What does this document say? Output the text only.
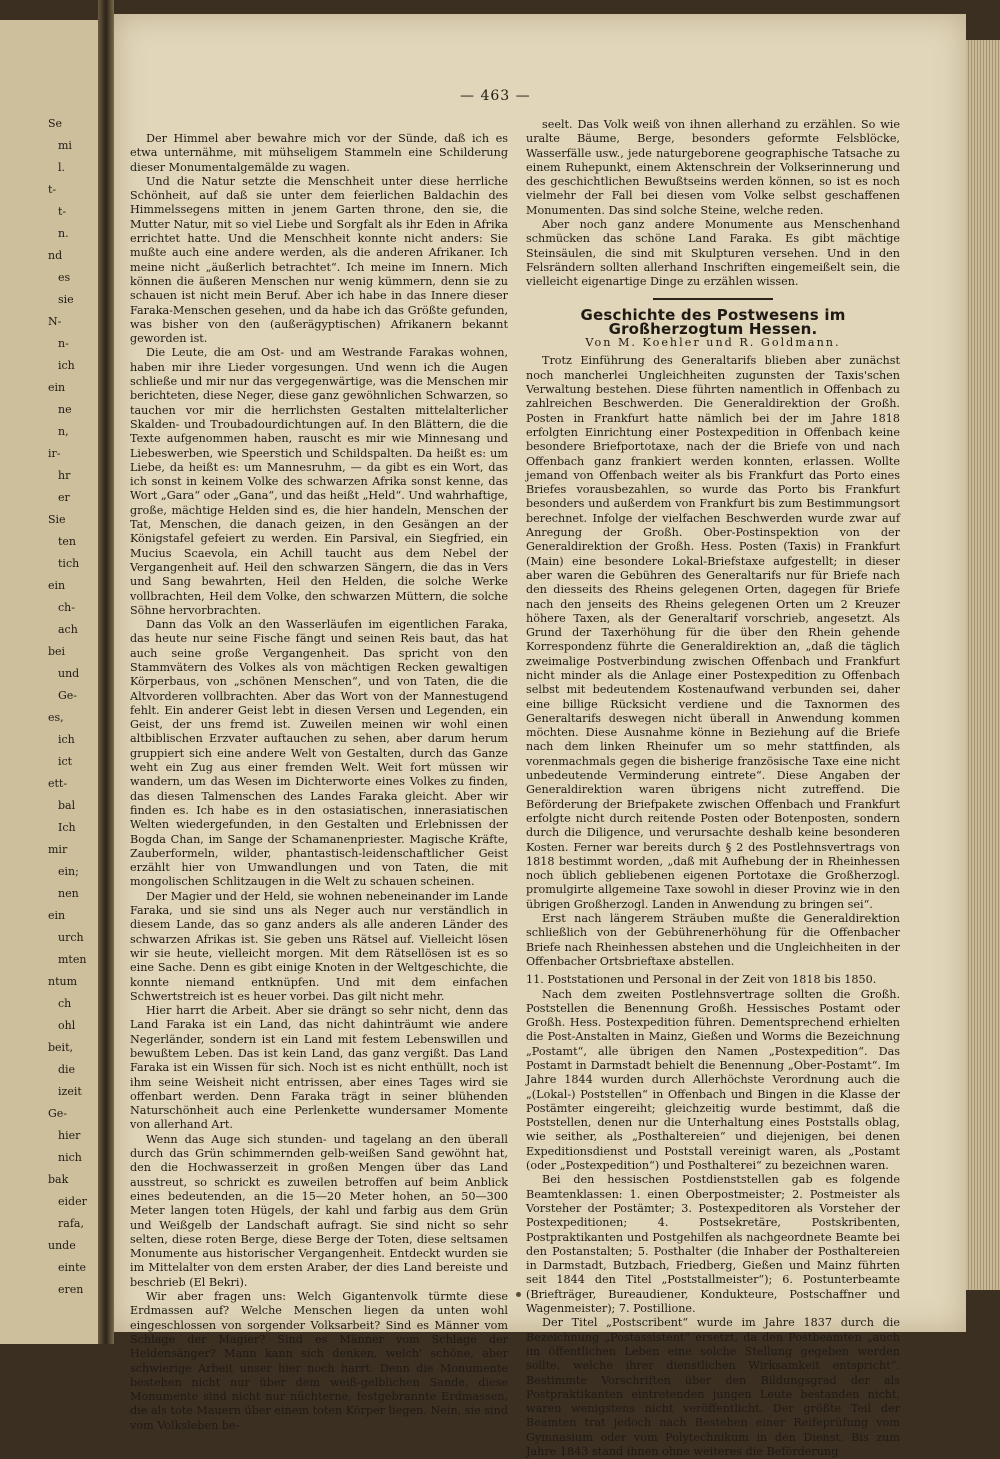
Se

mi

l.

t-

t-

n.

nd

es

sie

N-

n-

ich

ein

ne

n,

ir-

hr

er

Sie

ten

tich

ein

ch-

ach

bei

und

Ge-

es,

ich

ict

ett-

bal

Ich

mir

ein;

nen

ein

urch

mten

ntum

ch

ohl

beit,

die

izeit

Ge-

hier

nich

bak

eider

rafa,

unde

einte

eren

— 463 —

Der Himmel aber bewahre mich vor der Sünde, daß ich es etwa unternähme, mit mühseligem Stammeln eine Schilderung dieser Monumentalgemälde zu wagen.

Und die Natur setzte die Menschheit unter diese herrliche Schönheit, auf daß sie unter dem feierlichen Baldachin des Himmelssegens mitten in jenem Garten throne, den sie, die Mutter Natur, mit so viel Liebe und Sorgfalt als ihr Eden in Afrika errichtet hatte. Und die Menschheit konnte nicht anders: Sie mußte auch eine andere werden, als die anderen Afrikaner. Ich meine nicht „äußerlich betrachtet“. Ich meine im Innern. Mich können die äußeren Menschen nur wenig kümmern, denn sie zu schauen ist nicht mein Beruf. Aber ich habe in das Innere dieser Faraka-Menschen gesehen, und da habe ich das Größte gefunden, was bisher von den (außerägyptischen) Afrikanern bekannt geworden ist.

Die Leute, die am Ost- und am Westrande Farakas wohnen, haben mir ihre Lieder vorgesungen. Und wenn ich die Augen schließe und mir nur das vergegenwärtige, was die Menschen mir berichteten, diese Neger, diese ganz gewöhnlichen Schwarzen, so tauchen vor mir die herrlichsten Gestalten mittelalterlicher Skalden- und Troubadourdichtungen auf. In den Blättern, die die Texte aufgenommen haben, rauscht es mir wie Minnesang und Liebeswerben, wie Speerstich und Schildspalten. Da heißt es: um Liebe, da heißt es: um Mannesruhm, — da gibt es ein Wort, das ich sonst in keinem Volke des schwarzen Afrika sonst kenne, das Wort „Gara“ oder „Gana“, und das heißt „Held“. Und wahrhaftige, große, mächtige Helden sind es, die hier handeln, Menschen der Tat, Menschen, die danach geizen, in den Gesängen an der Königstafel gefeiert zu werden. Ein Parsival, ein Siegfried, ein Mucius Scaevola, ein Achill taucht aus dem Nebel der Vergangenheit auf. Heil den schwarzen Sängern, die das in Vers und Sang bewahrten, Heil den Helden, die solche Werke vollbrachten, Heil dem Volke, den schwarzen Müttern, die solche Söhne hervorbrachten.

Dann das Volk an den Wasserläufen im eigentlichen Faraka, das heute nur seine Fische fängt und seinen Reis baut, das hat auch seine große Vergangenheit. Das spricht von den Stammvätern des Volkes als von mächtigen Recken gewaltigen Körperbaus, von „schönen Menschen“, und von Taten, die die Altvorderen vollbrachten. Aber das Wort von der Mannestugend fehlt. Ein anderer Geist lebt in diesen Versen und Legenden, ein Geist, der uns fremd ist. Zuweilen meinen wir wohl einen altbiblischen Erzvater auftauchen zu sehen, aber darum herum gruppiert sich eine andere Welt von Gestalten, durch das Ganze weht ein Zug aus einer fremden Welt. Weit fort müssen wir wandern, um das Wesen im Dichterworte eines Volkes zu finden, das diesen Talmenschen des Landes Faraka gleicht. Aber wir finden es. Ich habe es in den ostasiatischen, innerasiatischen Welten wiedergefunden, in den Gestalten und Erlebnissen der Bogda Chan, im Sange der Schamanenpriester. Magische Kräfte, Zauberformeln, wilder, phantastisch-leidenschaftlicher Geist erzählt hier von Umwandlungen und von Taten, die mit mongolischen Schlitzaugen in die Welt zu schauen scheinen.

Der Magier und der Held, sie wohnen nebeneinander im Lande Faraka, und sie sind uns als Neger auch nur verständlich in diesem Lande, das so ganz anders als alle anderen Länder des schwarzen Afrikas ist. Sie geben uns Rätsel auf. Vielleicht lösen wir sie heute, vielleicht morgen. Mit dem Rätsellösen ist es so eine Sache. Denn es gibt einige Knoten in der Weltgeschichte, die konnte niemand entknüpfen. Und mit dem einfachen Schwertstreich ist es heuer vorbei. Das gilt nicht mehr.

Hier harrt die Arbeit. Aber sie drängt so sehr nicht, denn das Land Faraka ist ein Land, das nicht dahinträumt wie andere Negerländer, sondern ist ein Land mit festem Lebenswillen und bewußtem Leben. Das ist kein Land, das ganz vergißt. Das Land Faraka ist ein Wissen für sich. Noch ist es nicht enthüllt, noch ist ihm seine Weisheit nicht entrissen, aber eines Tages wird sie offenbart werden. Denn Faraka trägt in seiner blühenden Naturschönheit auch eine Perlenkette wundersamer Momente von allerhand Art.

Wenn das Auge sich stunden- und tagelang an den überall durch das Grün schimmernden gelb-weißen Sand gewöhnt hat, den die Hochwasserzeit in großen Mengen über das Land ausstreut, so schrickt es zuweilen betroffen auf beim Anblick eines bedeutenden, an die 15—20 Meter hohen, an 50—300 Meter langen toten Hügels, der kahl und farbig aus dem Grün und Weißgelb der Landschaft aufragt. Sie sind nicht so sehr selten, diese roten Berge, diese Berge der Toten, diese seltsamen Monumente aus historischer Vergangenheit. Entdeckt wurden sie im Mittelalter von dem ersten Araber, der dies Land bereiste und beschrieb (El Bekri).

Wir aber fragen uns: Welch Gigantenvolk türmte diese Erdmassen auf? Welche Menschen liegen da unten wohl eingeschlossen von sorgender Volksarbeit? Sind es Männer vom Schlage der Magier? Sind es Männer vom Schlage der Heldensänger? Mann kann sich denken, welch' schöne, aber schwierige Arbeit unser hier noch harrt. Denn die Monumente bestehen nicht nur über dem weiß-gelblichen Sande, diese Monumente sind nicht nur nüchterne, festgebrannte Erdmassen, die als tote Mauern über einem toten Körper liegen. Nein, sie sind vom Volksleben be-

seelt. Das Volk weiß von ihnen allerhand zu erzählen. So wie uralte Bäume, Berge, besonders geformte Felsblöcke, Wasserfälle usw., jede naturgeborene geographische Tatsache zu einem Ruhepunkt, einem Aktenschrein der Volkserinnerung und des geschichtlichen Bewußtseins werden können, so ist es noch vielmehr der Fall bei diesen vom Volke selbst geschaffenen Monumenten. Das sind solche Steine, welche reden.

Aber noch ganz andere Monumente aus Menschenhand schmücken das schöne Land Faraka. Es gibt mächtige Steinsäulen, die sind mit Skulpturen versehen. Und in den Felsrändern sollten allerhand Inschriften eingemeißelt sein, die vielleicht eigenartige Dinge zu erzählen wissen.

Geschichte des Postwesens im Großherzogtum Hessen.

Von M. Koehler und R. Goldmann.

Trotz Einführung des Generaltarifs blieben aber zunächst noch mancherlei Ungleichheiten zugunsten der Taxis'schen Verwaltung bestehen. Diese führten namentlich in Offenbach zu zahlreichen Beschwerden. Die Generaldirektion der Großh. Posten in Frankfurt hatte nämlich bei der im Jahre 1818 erfolgten Einrichtung einer Postexpedition in Offenbach keine besondere Briefportotaxe, nach der die Briefe von und nach Offenbach ganz frankiert werden konnten, erlassen. Wollte jemand von Offenbach weiter als bis Frankfurt das Porto eines Briefes vorausbezahlen, so wurde das Porto bis Frankfurt besonders und außerdem von Frankfurt bis zum Bestimmungsort berechnet. Infolge der vielfachen Beschwerden wurde zwar auf Anregung der Großh. Ober-Postinspektion von der Generaldirektion der Großh. Hess. Posten (Taxis) in Frankfurt (Main) eine besondere Lokal-Briefstaxe aufgestellt; in dieser aber waren die Gebühren des Generaltarifs nur für Briefe nach den diesseits des Rheins gelegenen Orten, dagegen für Briefe nach den jenseits des Rheins gelegenen Orten um 2 Kreuzer höhere Taxen, als der Generaltarif vorschrieb, angesetzt. Als Grund der Taxerhöhung für die über den Rhein gehende Korrespondenz führte die Generaldirektion an, „daß die täglich zweimalige Postverbindung zwischen Offenbach und Frankfurt nicht minder als die Anlage einer Postexpedition zu Offenbach selbst mit bedeutendem Kostenaufwand verbunden sei, daher eine billige Rücksicht verdiene und die Taxnormen des Generaltarifs deswegen nicht überall in Anwendung kommen möchten. Diese Ausnahme könne in Beziehung auf die Briefe nach dem linken Rheinufer um so mehr stattfinden, als vorenmachmals gegen die bisherige französische Taxe eine nicht unbedeutende Verminderung eintrete“. Diese Angaben der Generaldirektion waren übrigens nicht zutreffend. Die Beförderung der Briefpakete zwischen Offenbach und Frankfurt erfolgte nicht durch reitende Posten oder Botenposten, sondern durch die Diligence, und verursachte deshalb keine besonderen Kosten. Ferner war bereits durch § 2 des Postlehnsvertrags von 1818 bestimmt worden, „daß mit Aufhebung der in Rheinhessen noch üblich gebliebenen eigenen Portotaxe die Großherzogl. promulgirte allgemeine Taxe sowohl in dieser Provinz wie in den übrigen Großherzogl. Landen in Anwendung zu bringen sei“.

Erst nach längerem Sträuben mußte die Generaldirektion schließlich von der Gebührenerhöhung für die Offenbacher Briefe nach Rheinhessen abstehen und die Ungleichheiten in der Offenbacher Ortsbrieftaxe abstellen.

11. Poststationen und Personal in der Zeit von 1818 bis 1850.

Nach dem zweiten Postlehnsvertrage sollten die Großh. Poststellen die Benennung Großh. Hessisches Postamt oder Großh. Hess. Postexpedition führen. Dementsprechend erhielten die Post-Anstalten in Mainz, Gießen und Worms die Bezeichnung „Postamt“, alle übrigen den Namen „Postexpedition“. Das Postamt in Darmstadt behielt die Benennung „Ober-Postamt“. Im Jahre 1844 wurden durch Allerhöchste Verordnung auch die „(Lokal-) Poststellen“ in Offenbach und Bingen in die Klasse der Postämter eingereiht; gleichzeitig wurde bestimmt, daß die Poststellen, denen nur die Unterhaltung eines Poststalls oblag, wie seither, als „Posthaltereien“ und diejenigen, bei denen Expeditionsdienst und Poststall vereinigt waren, als „Postamt (oder „Postexpedition“) und Posthalterei“ zu bezeichnen waren.

Bei den hessischen Postdienststellen gab es folgende Beamtenklassen: 1. einen Oberpostmeister; 2. Postmeister als Vorsteher der Postämter; 3. Postexpeditoren als Vorsteher der Postexpeditionen; 4. Postsekretäre, Postskribenten, Postpraktikanten und Postgehilfen als nachgeordnete Beamte bei den Postanstalten; 5. Posthalter (die Inhaber der Posthaltereien in Darmstadt, Butzbach, Friedberg, Gießen und Mainz führten seit 1844 den Titel „Poststallmeister“); 6. Postunterbeamte (Briefträger, Bureaudiener, Kondukteure, Postschaffner und Wagenmeister); 7. Postillione.

Der Titel „Postscribent“ wurde im Jahre 1837 durch die Bezeichnung „Postassistent“ ersetzt, da den Postbeamten „auch im öffentlichen Leben eine solche Stellung gegeben werden sollte, welche ihrer dienstlichen Wirksamkeit entspricht“. Bestimmte Vorschriften über den Bildungsgrad der als Postpraktikanten eintretenden jungen Leute bestanden nicht, waren wenigstens nicht veröffentlicht. Der größte Teil der Beamten trat jedoch nach Bestehen einer Reifeprüfung vom Gymnasium oder vom Polytechnikum in den Dienst. Bis zum Jahre 1843 stand ihnen ohne weiteres die Beförderung
